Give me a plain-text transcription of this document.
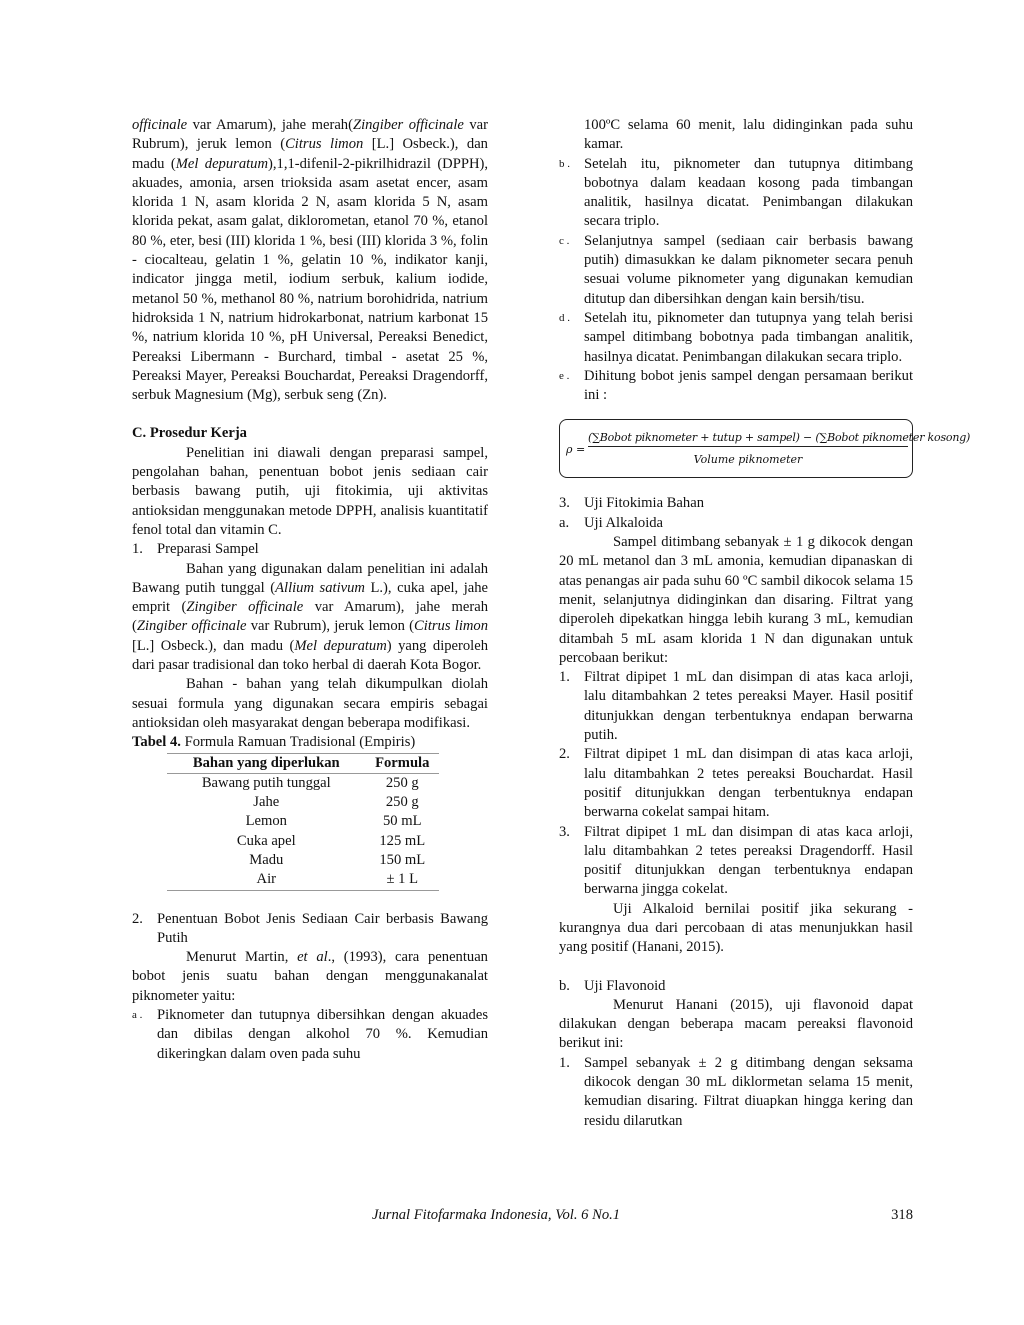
officinale var Amarum), jahe merah(Zingiber officinale var Rubrum), jeruk lemon (Citrus limon [L.] Osbeck.), dan madu (Mel depuratum),1,1-difenil-2-pikrilhidrazil (DPPH), akuades, amonia, arsen trioksida asam asetat encer, asam klorida 1 N, asam klorida 2 N, asam klorida 5 N, asam klorida pekat, asam galat, diklorometan, etanol 70 %, etanol 80 %, eter, besi (III) klorida 1 %, besi (III) klorida 3 %, folin - ciocalteau, gelatin 1 %, gelatin 10 %, indikator kanji, indicator jingga metil, iodium serbuk, kalium iodide, metanol 50 %, methanol 80 %, natrium borohidrida, natrium hidroksida 1 N, natrium hidrokarbonat, natrium karbonat 15 %, natrium klorida 10 %, pH Universal, Pereaksi Benedict, Pereaksi Libermann - Burchard, timbal - asetat 25 %, Pereaksi Mayer, Pereaksi Bouchardat, Pereaksi Dragendorff, serbuk Magnesium (Mg), serbuk seng (Zn).

C. Prosedur Kerja

Penelitian ini diawali dengan preparasi sampel, pengolahan bahan, penentuan bobot jenis sediaan cair berbasis bawang putih, uji fitokimia, uji aktivitas antioksidan menggunakan metode DPPH, analisis kuantitatif fenol total dan vitamin C.

1. Preparasi Sampel

Bahan yang digunakan dalam penelitian ini adalah Bawang putih tunggal (Allium sativum L.), cuka apel, jahe emprit (Zingiber officinale var Amarum), jahe merah (Zingiber officinale var Rubrum), jeruk lemon (Citrus limon [L.] Osbeck.), dan madu (Mel depuratum) yang diperoleh dari pasar tradisional dan toko herbal di daerah Kota Bogor.

Bahan - bahan yang telah dikumpulkan diolah sesuai formula yang digunakan secara empiris sebagai antioksidan oleh masyarakat dengan beberapa modifikasi.

Tabel 4. Formula Ramuan Tradisional (Empiris)

Bahan yang diperlukan	Formula
Bawang putih tunggal	250 g
Jahe	250 g
Lemon	50 mL
Cuka apel	125 mL
Madu	150 mL
Air	± 1 L

2. Penentuan Bobot Jenis Sediaan Cair berbasis Bawang Putih

Menurut Martin, et al., (1993), cara penentuan bobot jenis suatu bahan dengan menggunakanalat piknometer yaitu:

a . Piknometer dan tutupnya dibersihkan dengan akuades dan dibilas dengan alkohol 70 %. Kemudian dikeringkan dalam oven pada suhu

100ºC selama 60 menit, lalu didinginkan pada suhu kamar.

b . Setelah itu, piknometer dan tutupnya ditimbang bobotnya dalam keadaan kosong pada timbangan analitik, hasilnya dicatat. Penimbangan dilakukan secara triplo.

c . Selanjutnya sampel (sediaan cair berbasis bawang putih) dimasukkan ke dalam piknometer secara penuh sesuai volume piknometer yang digunakan kemudian ditutup dan dibersihkan dengan kain bersih/tisu.

d . Setelah itu, piknometer dan tutupnya yang telah berisi sampel ditimbang bobotnya pada timbangan analitik, hasilnya dicatat. Penimbangan dilakukan secara triplo.

e . Dihitung bobot jenis sampel dengan persamaan berikut ini :

ρ =
(∑Bobot piknometer + tutup + sampel) − (∑Bobot piknometer kosong)
Volume piknometer

3. Uji Fitokimia Bahan

a. Uji Alkaloida

Sampel ditimbang sebanyak ± 1 g dikocok dengan 20 mL metanol dan 3 mL amonia, kemudian dipanaskan di atas penangas air pada suhu 60 ºC sambil dikocok selama 15 menit, selanjutnya didinginkan dan disaring. Filtrat yang diperoleh dipekatkan hingga lebih kurang 3 mL, kemudian ditambah 5 mL asam klorida 1 N dan digunakan untuk percobaan berikut:

1. Filtrat dipipet 1 mL dan disimpan di atas kaca arloji, lalu ditambahkan 2 tetes pereaksi Mayer. Hasil positif ditunjukkan dengan terbentuknya endapan berwarna putih.

2. Filtrat dipipet 1 mL dan disimpan di atas kaca arloji, lalu ditambahkan 2 tetes pereaksi Bouchardat. Hasil positif ditunjukkan dengan terbentuknya endapan berwarna cokelat sampai hitam.

3. Filtrat dipipet 1 mL dan disimpan di atas kaca arloji, lalu ditambahkan 2 tetes pereaksi Dragendorff. Hasil positif ditunjukkan dengan terbentuknya endapan berwarna jingga cokelat.

Uji Alkaloid bernilai positif jika sekurang - kurangnya dua dari percobaan di atas menunjukkan hasil yang positif (Hanani, 2015).

b. Uji Flavonoid

Menurut Hanani (2015), uji flavonoid dapat dilakukan dengan beberapa macam pereaksi flavonoid berikut ini:

1. Sampel sebanyak ± 2 g ditimbang dengan seksama dikocok dengan 30 mL diklormetan selama 15 menit, kemudian disaring. Filtrat diuapkan hingga kering dan residu dilarutkan

Jurnal Fitofarmaka Indonesia, Vol. 6 No.1	318
